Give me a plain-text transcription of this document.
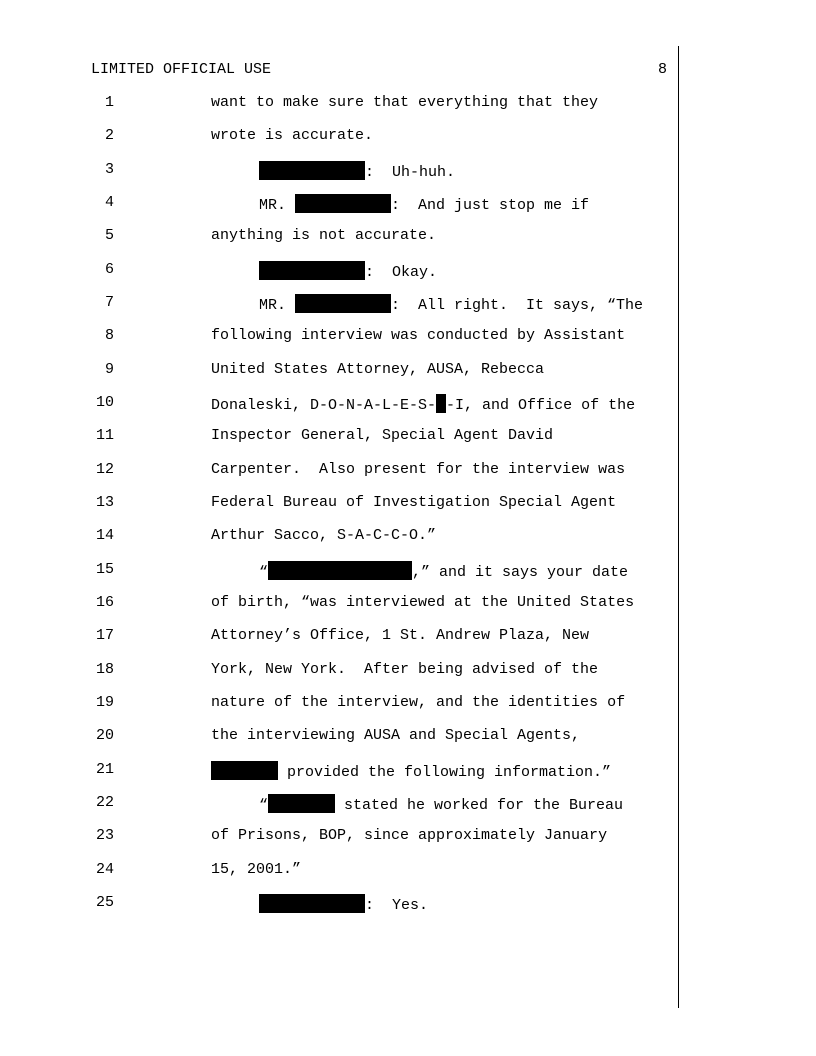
LIMITED OFFICIAL USE	8
1	want to make sure that everything that they
2	wrote is accurate.
3	:  Uh-huh.
4	MR.	:  And just stop me if
5	anything is not accurate.
6	:  Okay.
7	MR.	:  All right.  It says, “The
8	following interview was conducted by Assistant
9	United States Attorney, AUSA, Rebecca
10	Donaleski, D-O-N-A-L-E-S- -I, and Office of the
11	Inspector General, Special Agent David
12	Carpenter.  Also present for the interview was
13	Federal Bureau of Investigation Special Agent
14	Arthur Sacco, S-A-C-C-O.”
15	“	,” and it says your date
16	of birth, “was interviewed at the United States
17	Attorney’s Office, 1 St. Andrew Plaza, New
18	York, New York.  After being advised of the
19	nature of the interview, and the identities of
20	the interviewing AUSA and Special Agents,
21	provided the following information.”
22	“	stated he worked for the Bureau
23	of Prisons, BOP, since approximately January
24	15, 2001.”
25	:  Yes.
